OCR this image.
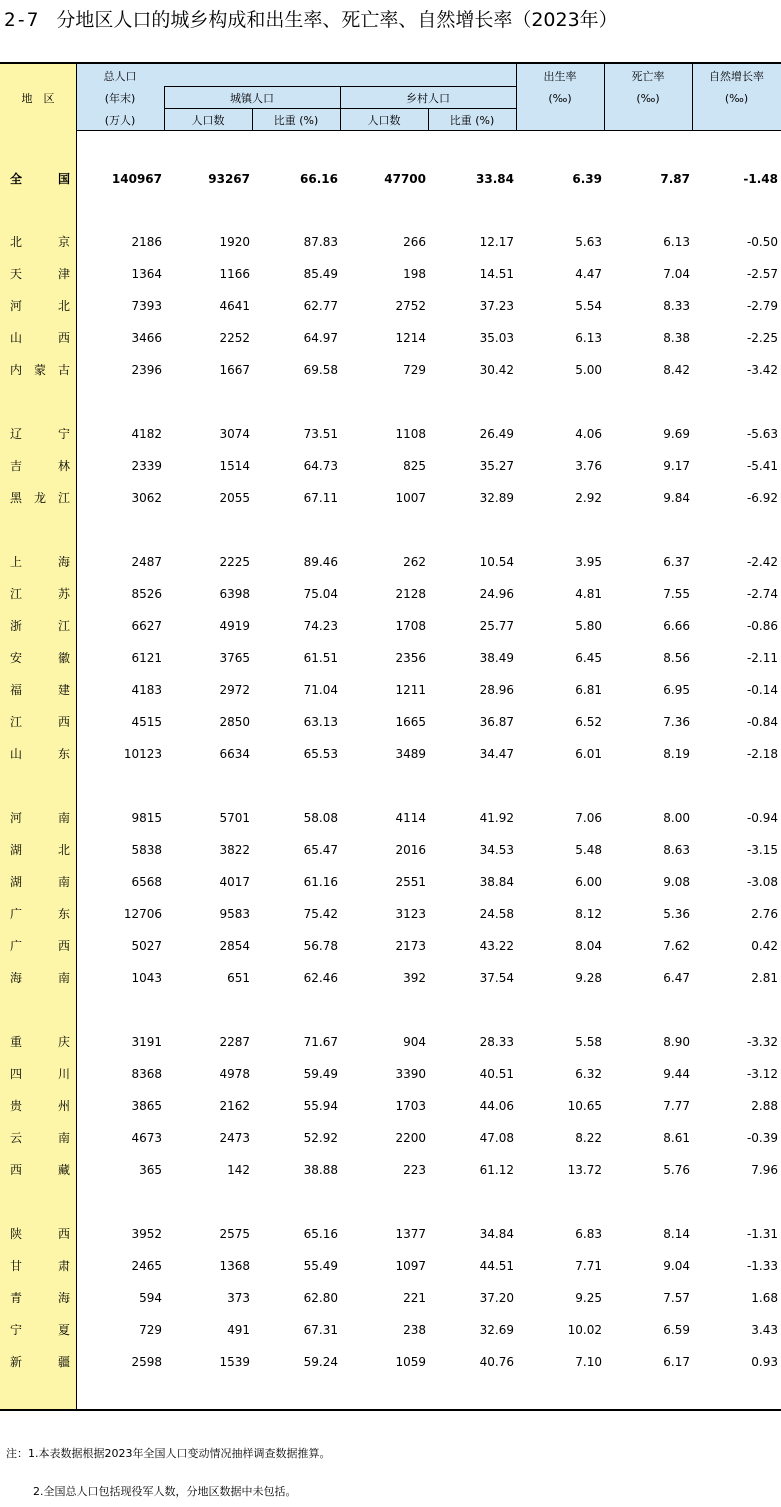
2-7 分地区人口的城乡构成和出生率、死亡率、自然增长率（2023年）
地　区
总人口
(年末)
(万人)
城镇人口	乡村人口
人口数	比重 (%)	人口数	比重 (%)
出生率
(‰)
死亡率
(‰)
自然增长率
(‰)
全　国	140967	93267	66.16	47700	33.84	6.39	7.87	-1.48
北　京	2186	1920	87.83	266	12.17	5.63	6.13	-0.50
天　津	1364	1166	85.49	198	14.51	4.47	7.04	-2.57
河　北	7393	4641	62.77	2752	37.23	5.54	8.33	-2.79
山　西	3466	2252	64.97	1214	35.03	6.13	8.38	-2.25
内蒙古	2396	1667	69.58	729	30.42	5.00	8.42	-3.42
辽　宁	4182	3074	73.51	1108	26.49	4.06	9.69	-5.63
吉　林	2339	1514	64.73	825	35.27	3.76	9.17	-5.41
黑龙江	3062	2055	67.11	1007	32.89	2.92	9.84	-6.92
上　海	2487	2225	89.46	262	10.54	3.95	6.37	-2.42
江　苏	8526	6398	75.04	2128	24.96	4.81	7.55	-2.74
浙　江	6627	4919	74.23	1708	25.77	5.80	6.66	-0.86
安　徽	6121	3765	61.51	2356	38.49	6.45	8.56	-2.11
福　建	4183	2972	71.04	1211	28.96	6.81	6.95	-0.14
江　西	4515	2850	63.13	1665	36.87	6.52	7.36	-0.84
山　东	10123	6634	65.53	3489	34.47	6.01	8.19	-2.18
河　南	9815	5701	58.08	4114	41.92	7.06	8.00	-0.94
湖　北	5838	3822	65.47	2016	34.53	5.48	8.63	-3.15
湖　南	6568	4017	61.16	2551	38.84	6.00	9.08	-3.08
广　东	12706	9583	75.42	3123	24.58	8.12	5.36	2.76
广　西	5027	2854	56.78	2173	43.22	8.04	7.62	0.42
海　南	1043	651	62.46	392	37.54	9.28	6.47	2.81
重　庆	3191	2287	71.67	904	28.33	5.58	8.90	-3.32
四　川	8368	4978	59.49	3390	40.51	6.32	9.44	-3.12
贵　州	3865	2162	55.94	1703	44.06	10.65	7.77	2.88
云　南	4673	2473	52.92	2200	47.08	8.22	8.61	-0.39
西　藏	365	142	38.88	223	61.12	13.72	5.76	7.96
陕　西	3952	2575	65.16	1377	34.84	6.83	8.14	-1.31
甘　肃	2465	1368	55.49	1097	44.51	7.71	9.04	-1.33
青　海	594	373	62.80	221	37.20	9.25	7.57	1.68
宁　夏	729	491	67.31	238	32.69	10.02	6.59	3.43
新　疆	2598	1539	59.24	1059	40.76	7.10	6.17	0.93
注：1.本表数据根据2023年全国人口变动情况抽样调查数据推算。
2.全国总人口包括现役军人数，分地区数据中未包括。
